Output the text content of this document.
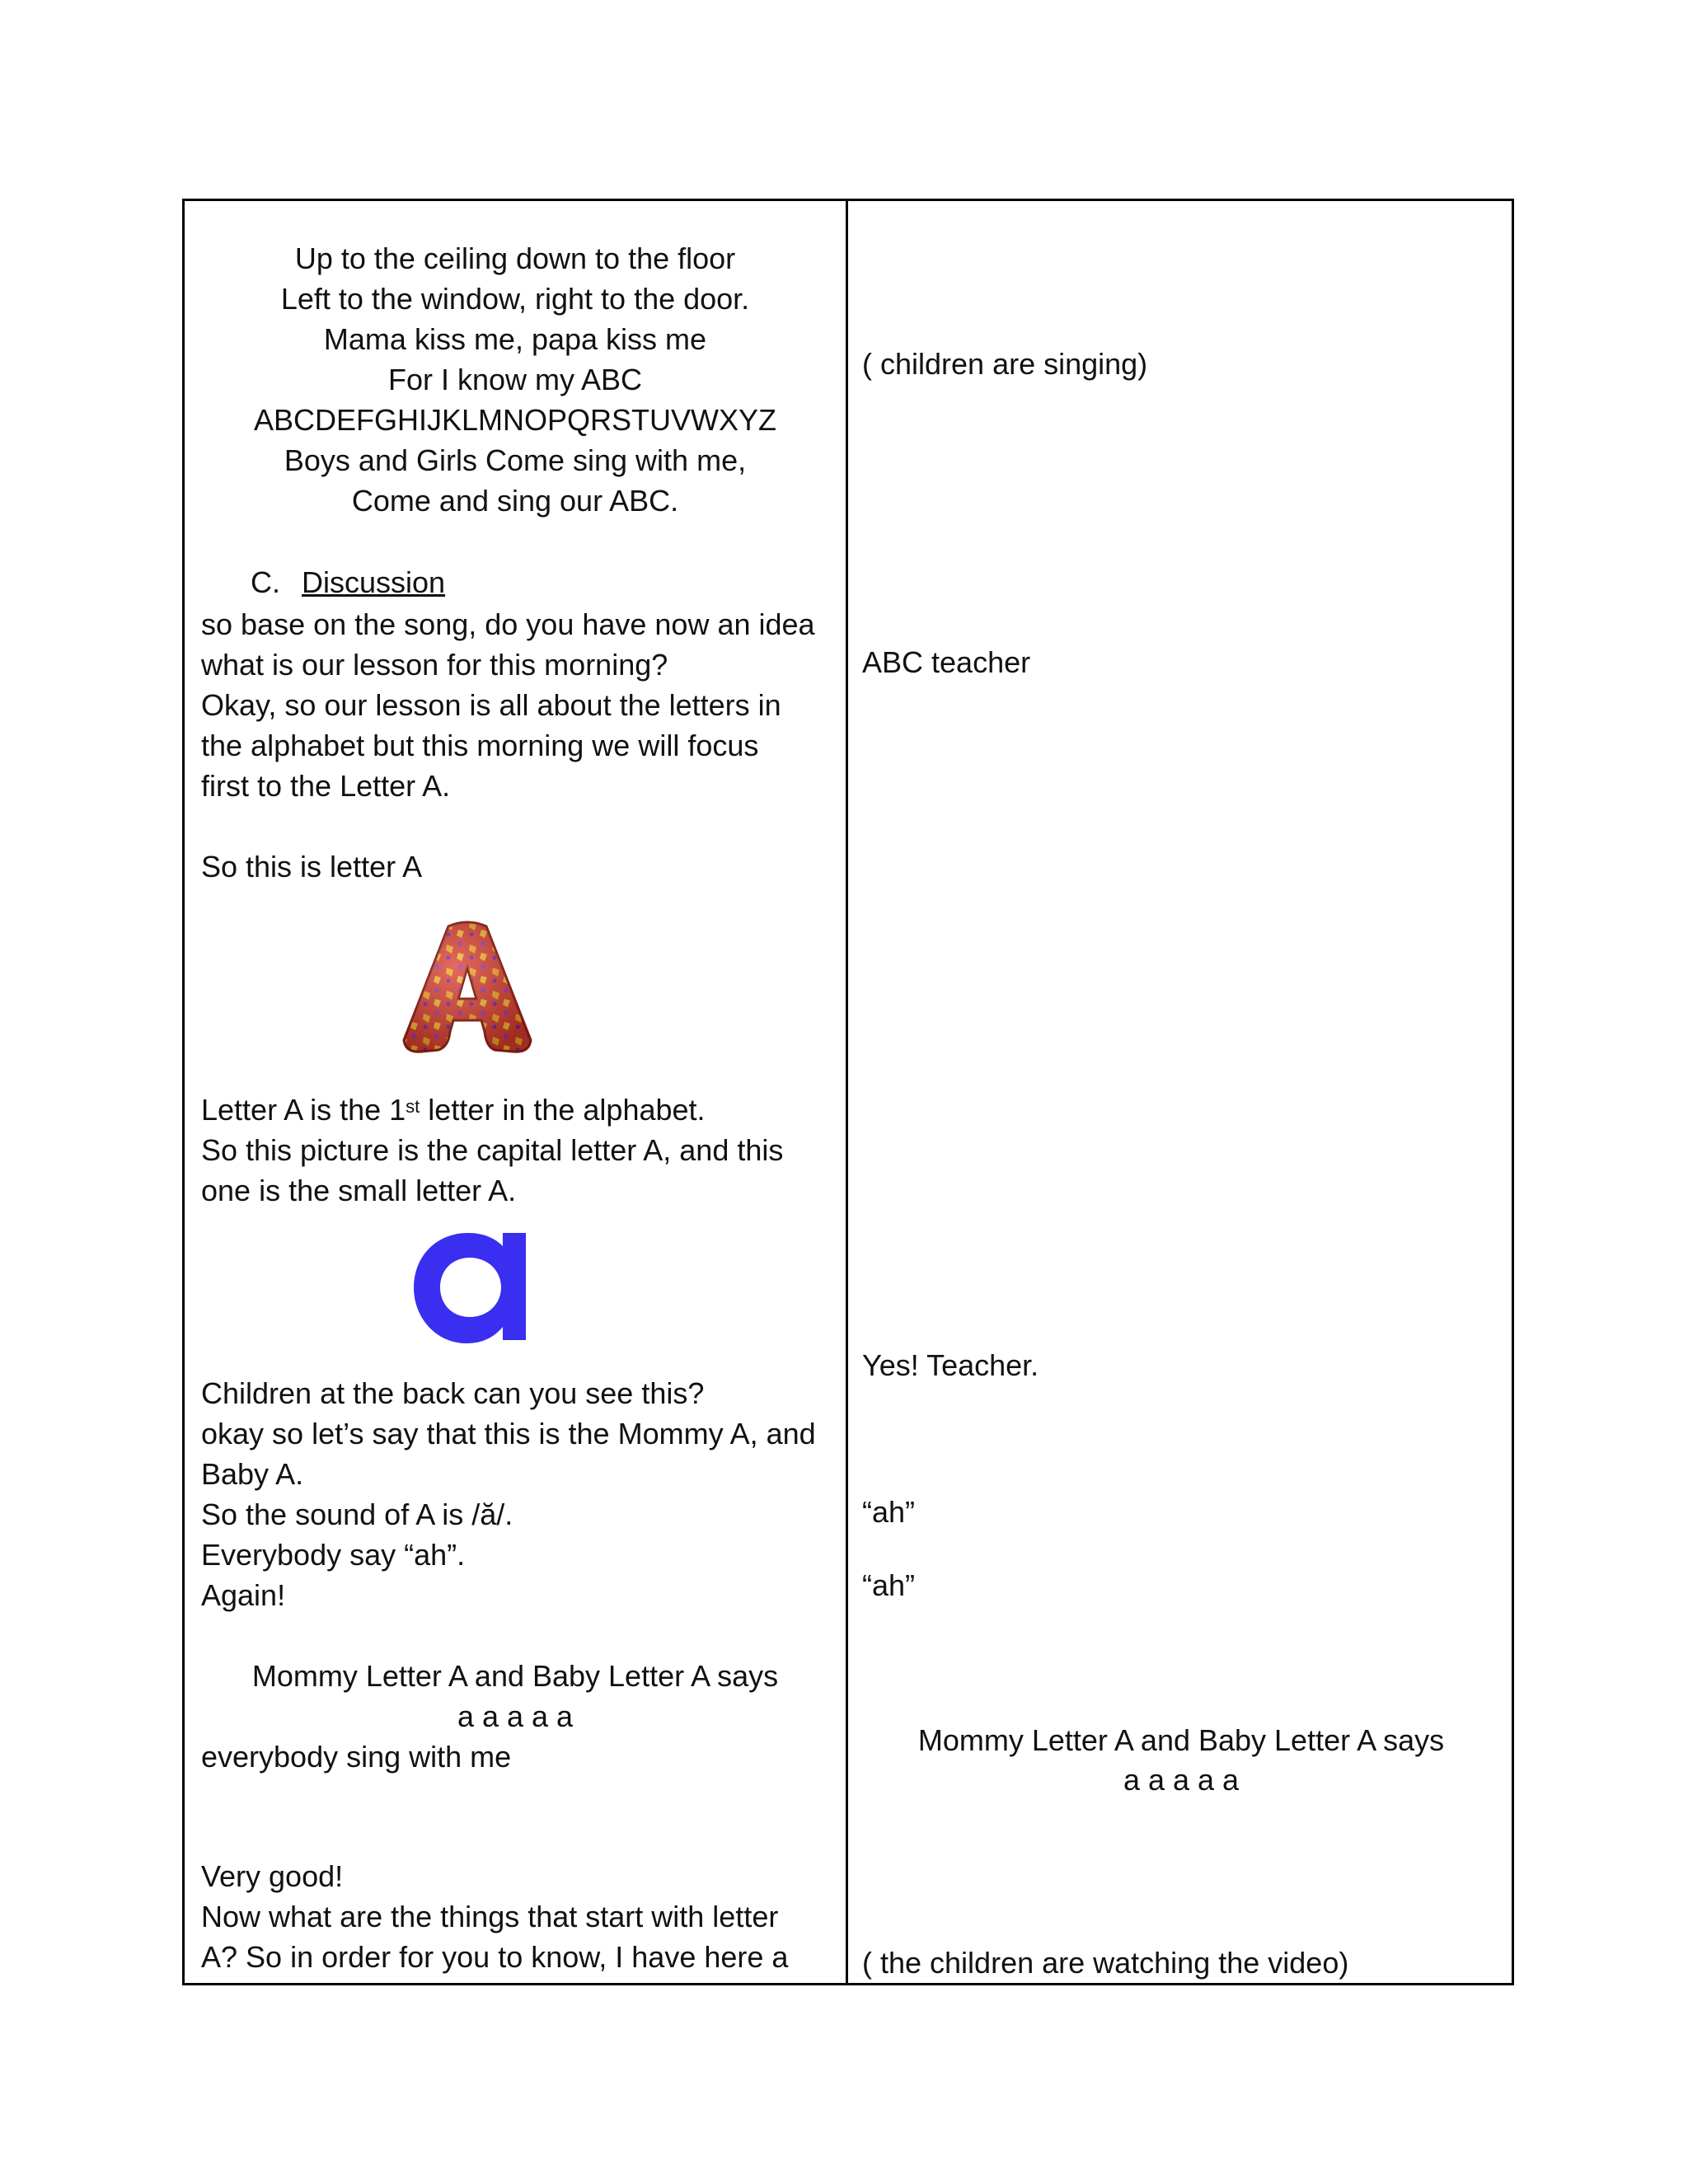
Up to the ceiling down to the floor
Left to the window, right to the door.
Mama kiss me, papa kiss me
For I know my ABC
ABCDEFGHIJKLMNOPQRSTUVWXYZ
Boys and Girls Come sing with me,
Come and sing our ABC.
C. Discussion
so base on the song, do you have now an idea
what is our lesson for this morning?
Okay, so our lesson is all about the letters in
the alphabet but this morning we will focus
first to the Letter A.
So this is letter A
Letter A is the 1st letter in the alphabet.
So this picture is the capital letter A, and this
one is the small letter A.
Children at the back can you see this?
okay so let’s say that this is the Mommy A, and
Baby A.
So the sound of A is /ă/.
Everybody say “ah”.
Again!
Mommy Letter A and Baby Letter A says
a a a a a
everybody sing with me
Very good!
Now what are the things that start with letter
A? So in order for you to know, I have here a
( children are singing)
ABC teacher
Yes! Teacher.
“ah”
“ah”
Mommy Letter A and Baby Letter A says
a a a a a
( the children are watching the video)
